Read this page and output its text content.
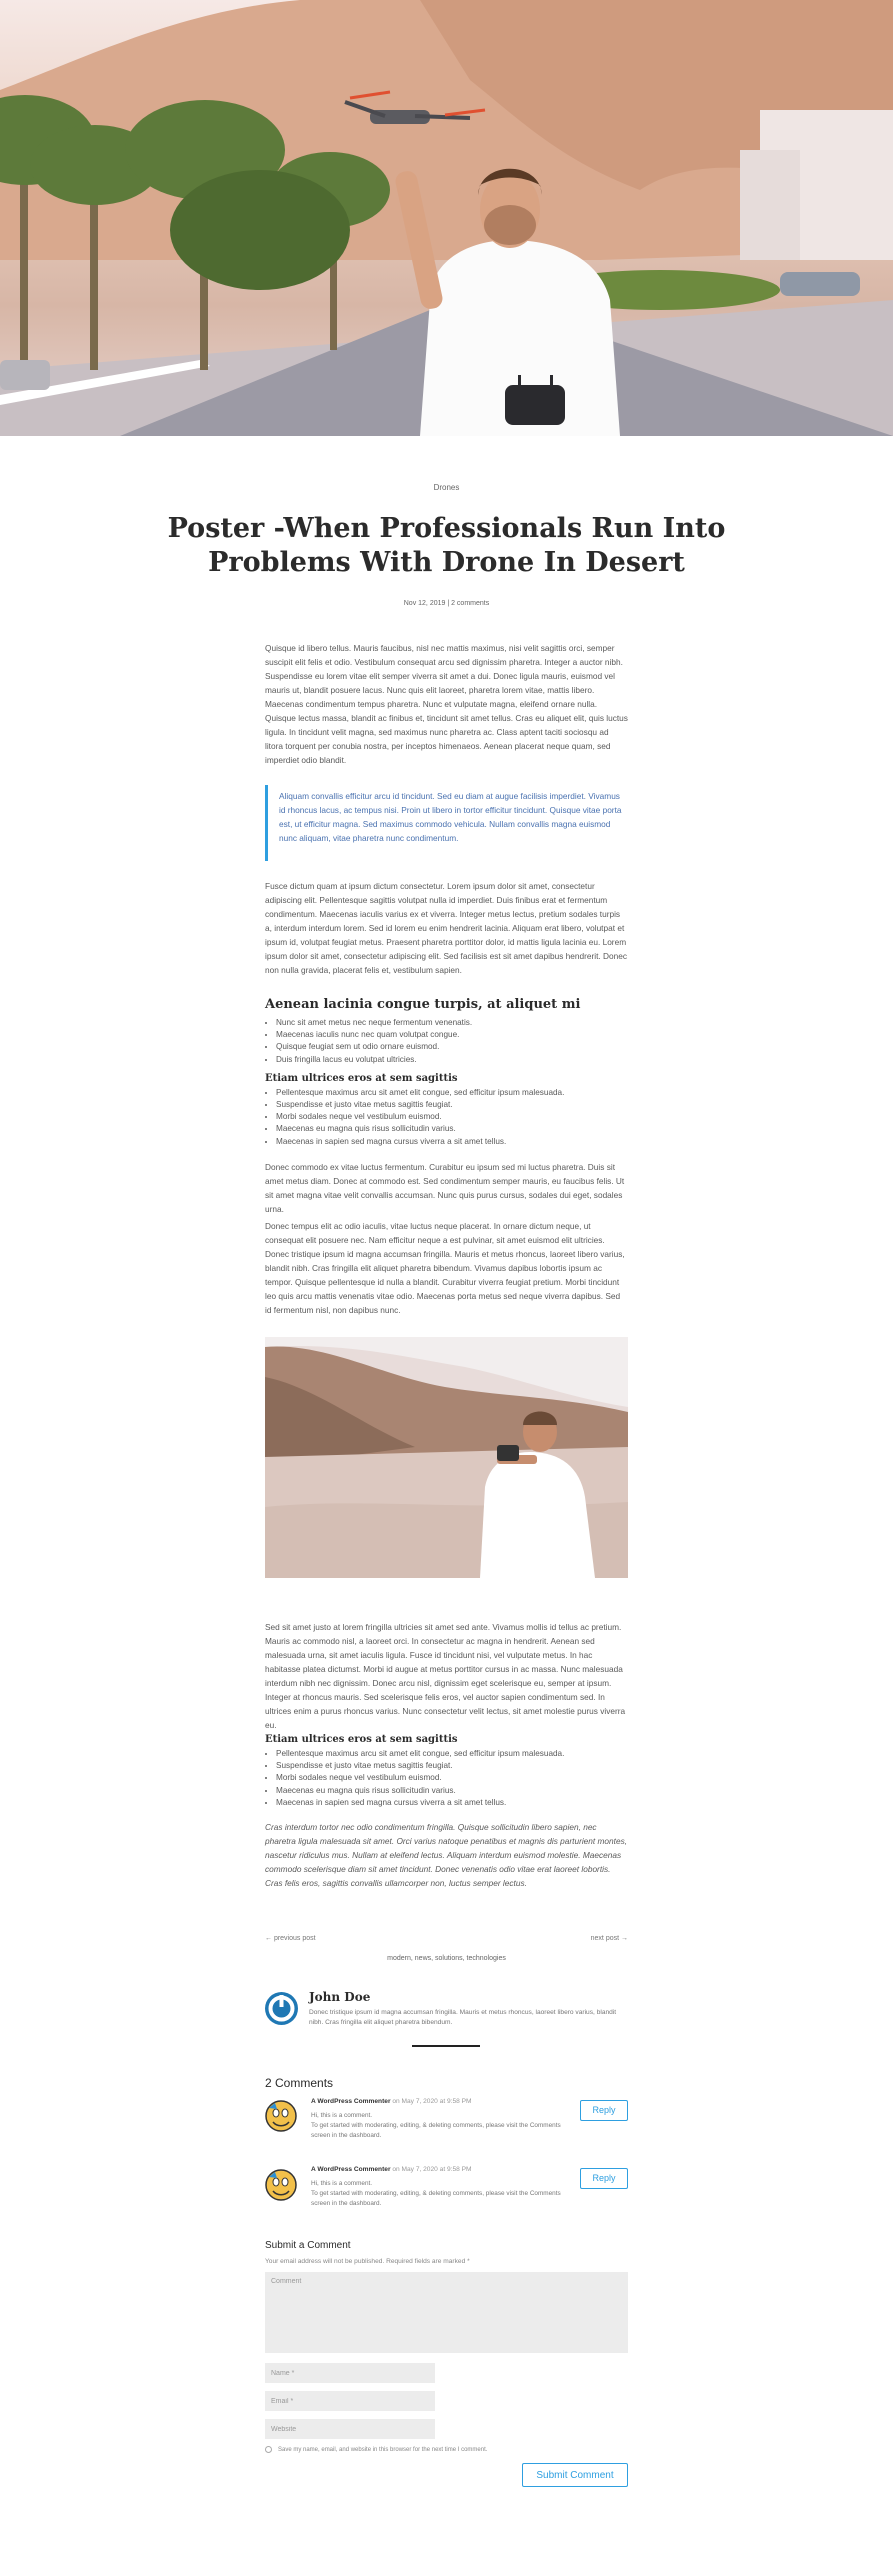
Drones
Poster -When Professionals Run Into Problems With Drone In Desert
Nov 12, 2019 | 2 comments

Quisque id libero tellus. Mauris faucibus, nisl nec mattis maximus, nisi velit sagittis orci, semper suscipit elit felis et odio. Vestibulum consequat arcu sed dignissim pharetra. Integer a auctor nibh. Suspendisse eu lorem vitae elit semper viverra sit amet a dui. Donec ligula mauris, euismod vel mauris ut, blandit posuere lacus. Nunc quis elit laoreet, pharetra lorem vitae, mattis libero. Maecenas condimentum tempus pharetra. Nunc et vulputate magna, eleifend ornare nulla. Quisque lectus massa, blandit ac finibus et, tincidunt sit amet tellus. Cras eu aliquet elit, quis luctus ligula. In tincidunt velit magna, sed maximus nunc pharetra ac. Class aptent taciti sociosqu ad litora torquent per conubia nostra, per inceptos himenaeos. Aenean placerat neque quam, sed imperdiet odio blandit.

Aliquam convallis efficitur arcu id tincidunt. Sed eu diam at augue facilisis imperdiet. Vivamus id rhoncus lacus, ac tempus nisi. Proin ut libero in tortor efficitur tincidunt. Quisque vitae porta est, ut efficitur magna. Sed maximus commodo vehicula. Nullam convallis magna euismod nunc aliquam, vitae pharetra nunc condimentum.

Fusce dictum quam at ipsum dictum consectetur. Lorem ipsum dolor sit amet, consectetur adipiscing elit. Pellentesque sagittis volutpat nulla id imperdiet. Duis finibus erat et fermentum condimentum. Maecenas iaculis varius ex et viverra. Integer metus lectus, pretium sodales turpis a, interdum interdum lorem. Sed id lorem eu enim hendrerit lacinia. Aliquam erat libero, volutpat et ipsum id, volutpat feugiat metus. Praesent pharetra porttitor dolor, id mattis ligula lacinia eu. Lorem ipsum dolor sit amet, consectetur adipiscing elit. Sed facilisis est sit amet dapibus hendrerit. Donec non nulla gravida, placerat felis et, vestibulum sapien.

Aenean lacinia congue turpis, at aliquet mi
• Nunc sit amet metus nec neque fermentum venenatis.
• Maecenas iaculis nunc nec quam volutpat congue.
• Quisque feugiat sem ut odio ornare euismod.
• Duis fringilla lacus eu volutpat ultricies.
Etiam ultrices eros at sem sagittis
• Pellentesque maximus arcu sit amet elit congue, sed efficitur ipsum malesuada.
• Suspendisse et justo vitae metus sagittis feugiat.
• Morbi sodales neque vel vestibulum euismod.
• Maecenas eu magna quis risus sollicitudin varius.
• Maecenas in sapien sed magna cursus viverra a sit amet tellus.

Donec commodo ex vitae luctus fermentum. Curabitur eu ipsum sed mi luctus pharetra. Duis sit amet metus diam. Donec at commodo est. Sed condimentum semper mauris, eu faucibus felis. Ut sit amet magna vitae velit convallis accumsan. Nunc quis purus cursus, sodales dui eget, sodales urna.

Donec tempus elit ac odio iaculis, vitae luctus neque placerat. In ornare dictum neque, ut consequat elit posuere nec. Nam efficitur neque a est pulvinar, sit amet euismod elit ultricies. Donec tristique ipsum id magna accumsan fringilla. Mauris et metus rhoncus, laoreet libero varius, blandit nibh. Cras fringilla elit aliquet pharetra bibendum. Vivamus dapibus lobortis ipsum ac tempor. Quisque pellentesque id nulla a blandit. Curabitur viverra feugiat pretium. Morbi tincidunt leo quis arcu mattis venenatis vitae odio. Maecenas porta metus sed neque viverra dapibus. Sed id fermentum nisl, non dapibus nunc.

Sed sit amet justo at lorem fringilla ultricies sit amet sed ante. Vivamus mollis id tellus ac pretium. Mauris ac commodo nisl, a laoreet orci. In consectetur ac magna in hendrerit. Aenean sed malesuada urna, sit amet iaculis ligula. Fusce id tincidunt nisi, vel vulputate metus. In hac habitasse platea dictumst. Morbi id augue at metus porttitor cursus in ac massa. Nunc malesuada interdum nibh nec dignissim. Donec arcu nisl, dignissim eget scelerisque eu, semper at ipsum. Integer at rhoncus mauris. Sed scelerisque felis eros, vel auctor sapien condimentum sed. In ultrices enim a purus rhoncus varius. Nunc consectetur velit lectus, sit amet molestie purus viverra eu.

Etiam ultrices eros at sem sagittis
• Pellentesque maximus arcu sit amet elit congue, sed efficitur ipsum malesuada.
• Suspendisse et justo vitae metus sagittis feugiat.
• Morbi sodales neque vel vestibulum euismod.
• Maecenas eu magna quis risus sollicitudin varius.
• Maecenas in sapien sed magna cursus viverra a sit amet tellus.

Cras interdum tortor nec odio condimentum fringilla. Quisque sollicitudin libero sapien, nec pharetra ligula malesuada sit amet. Orci varius natoque penatibus et magnis dis parturient montes, nascetur ridiculus mus. Nullam at eleifend lectus. Aliquam interdum euismod molestie. Maecenas commodo scelerisque diam sit amet tincidunt. Donec venenatis odio vitae erat laoreet lobortis. Cras felis eros, sagittis convallis ullamcorper non, luctus semper lectus.

← previous post	next post →
modern, news, solutions, technologies
John Doe
Donec tristique ipsum id magna accumsan fringilla. Mauris et metus rhoncus, laoreet libero varius, blandit nibh. Cras fringilla elit aliquet pharetra bibendum.
2 Comments
A WordPress Commenter on May 7, 2020 at 9:58 PM

Hi, this is a comment.

To get started with moderating, editing, & deleting comments, please visit the Comments screen in the dashboard.

Reply
A WordPress Commenter on May 7, 2020 at 9:58 PM

Hi, this is a comment.

To get started with moderating, editing, & deleting comments, please visit the Comments screen in the dashboard.

Reply
Submit a Comment
Your email address will not be published. Required fields are marked *
Comment
Name *
Email *
Website
Save my name, email, and website in this browser for the next time I comment.
Submit Comment
